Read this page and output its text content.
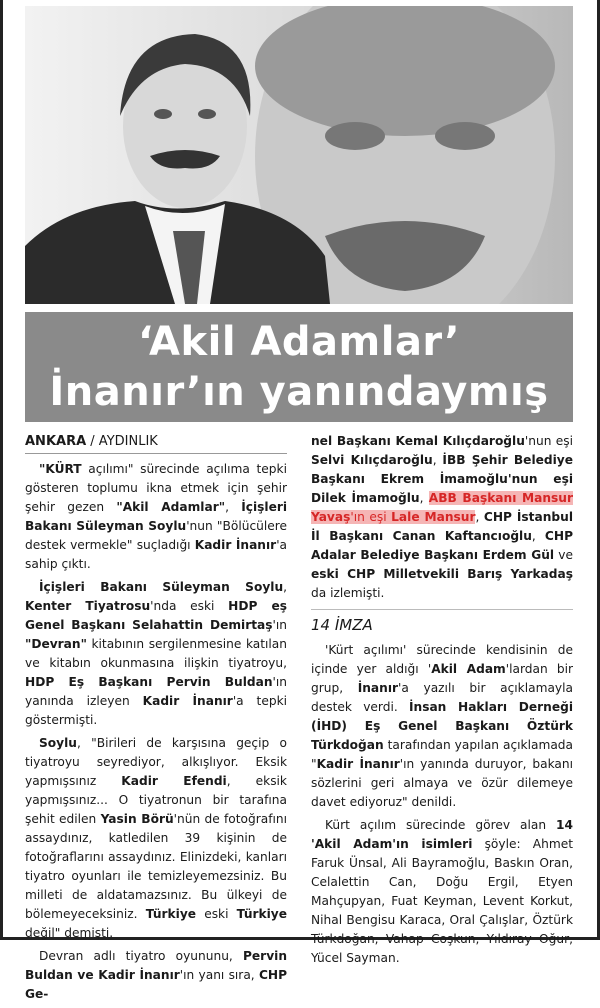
‘Akil Adamlar’
İnanır’ın yanındaymış
ANKARA / AYDINLIK

"KÜRT açılımı" sürecinde açılıma tepki gösteren toplumu ikna etmek için şehir şehir gezen "Akil Adamlar", İçişleri Bakanı Süleyman Soylu'nun "Bölücülere destek vermekle" suçladığı Kadir İnanır'a sahip çıktı.

İçişleri Bakanı Süleyman Soylu, Kenter Tiyatrosu'nda eski HDP eş Genel Başkanı Selahattin Demirtaş'ın "Devran" kitabının sergilenmesine katılan ve kitabın okunmasına ilişkin tiyatroyu, HDP Eş Başkanı Pervin Buldan'ın yanında izleyen Kadir İnanır'a tepki göstermişti.

Soylu, "Birileri de karşısına geçip o tiyatroyu seyrediyor, alkışlıyor. Eksik yapmışsınız Kadir Efendi, eksik yapmışsınız... O tiyatronun bir tarafına şehit edilen Yasin Börü'nün de fotoğrafını assaydınız, katledilen 39 kişinin de fotoğraflarını assaydınız. Elinizdeki, kanları tiyatro oyunları ile temizleyemezsiniz. Bu milleti de aldatamazsınız. Bu ülkeyi de bölemeyeceksiniz. Türkiye eski Türkiye değil" demişti.

Devran adlı tiyatro oyununu, Pervin Buldan ve Kadir İnanır'ın yanı sıra, CHP Ge-

nel Başkanı Kemal Kılıçdaroğlu'nun eşi Selvi Kılıçdaroğlu, İBB Şehir Belediye Başkanı Ekrem İmamoğlu'nun eşi Dilek İmamoğlu, ABB Başkanı Mansur Yavaş'ın eşi Lale Mansur, CHP İstanbul İl Başkanı Canan Kaftancıoğlu, CHP Adalar Belediye Başkanı Erdem Gül ve eski CHP Milletvekili Barış Yarkadaş da izlemişti.

14 İMZA

'Kürt açılımı' sürecinde kendisinin de içinde yer aldığı 'Akil Adam'lardan bir grup, İnanır'a yazılı bir açıklamayla destek verdi. İnsan Hakları Derneği (İHD) Eş Genel Başkanı Öztürk Türkdoğan tarafından yapılan açıklamada "Kadir İnanır'ın yanında duruyor, bakanı sözlerini geri almaya ve özür dilemeye davet ediyoruz" denildi.

Kürt açılım sürecinde görev alan 14 'Akil Adam'ın isimleri şöyle: Ahmet Faruk Ünsal, Ali Bayramoğlu, Baskın Oran, Celalettin Can, Doğu Ergil, Etyen Mahçupyan, Fuat Keyman, Levent Korkut, Nihal Bengisu Karaca, Oral Çalışlar, Öztürk Türkdoğan, Vahap Coşkun, Yıldıray Oğur, Yücel Sayman.
